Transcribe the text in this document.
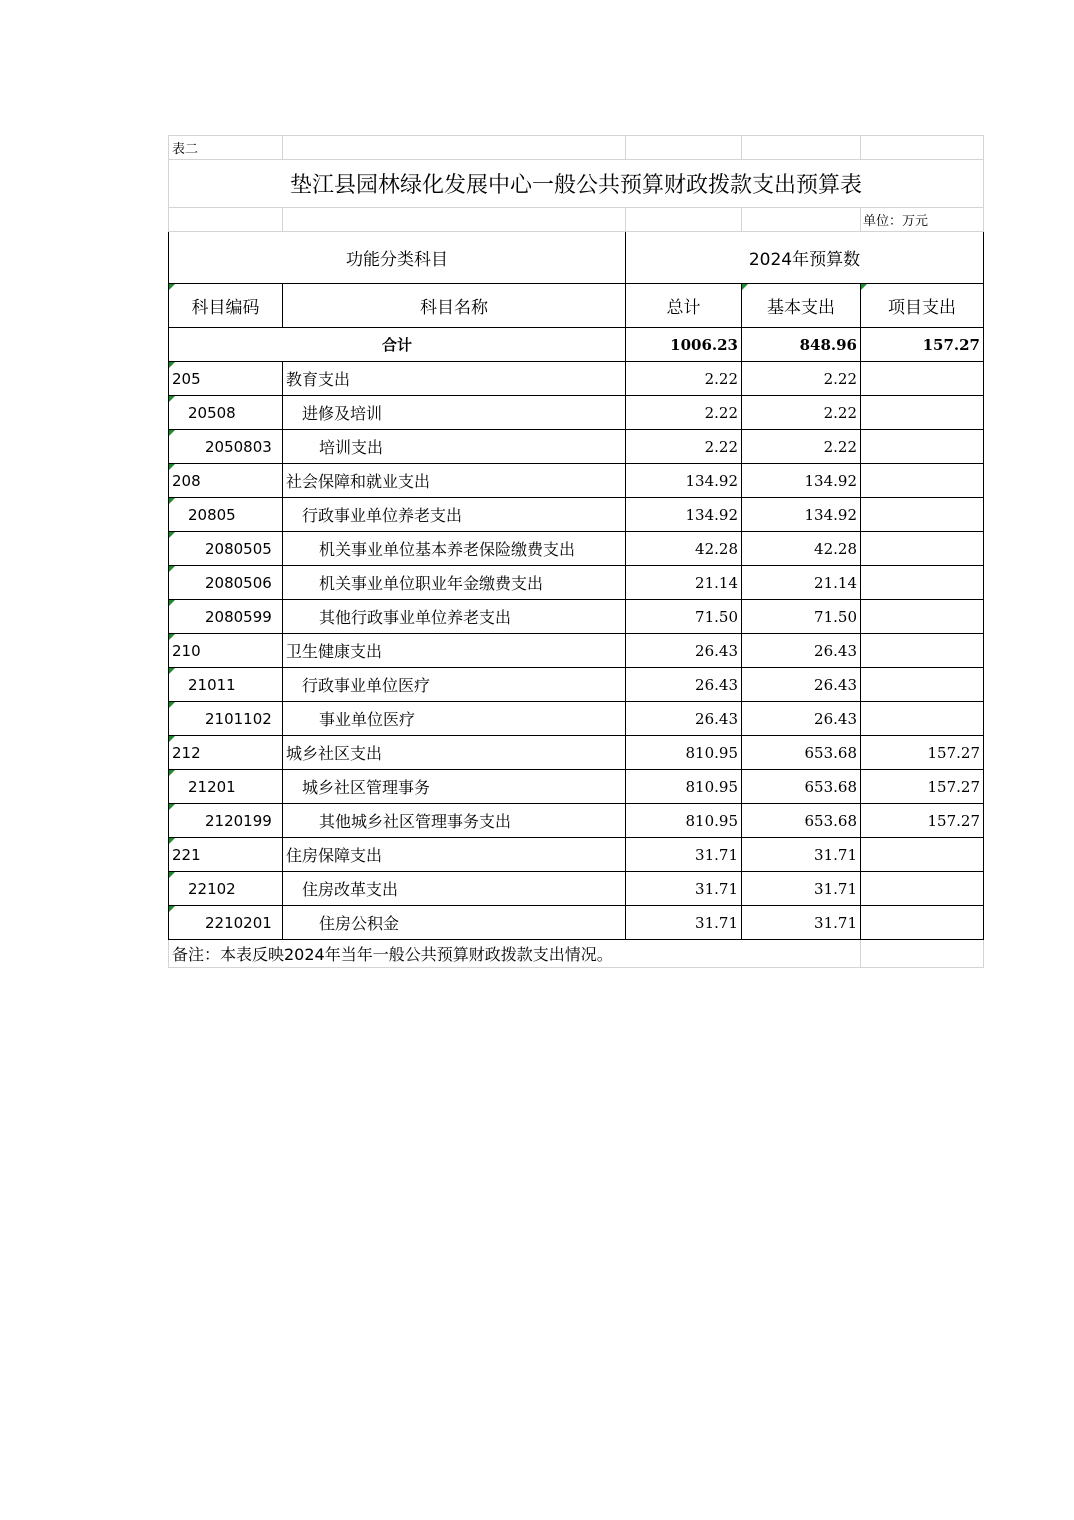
表二				
垫江县园林绿化发展中心一般公共预算财政拨款支出预算表				
				单位：万元
功能分类科目		2024年预算数		
科目编码	科目名称	总计	基本支出	项目支出
合计		1006.23	848.96	157.27
205	教育支出	2.22	2.22	
20508	进修及培训	2.22	2.22	
2050803	培训支出	2.22	2.22	
208	社会保障和就业支出	134.92	134.92	
20805	行政事业单位养老支出	134.92	134.92	
2080505	机关事业单位基本养老保险缴费支出	42.28	42.28	
2080506	机关事业单位职业年金缴费支出	21.14	21.14	
2080599	其他行政事业单位养老支出	71.50	71.50	
210	卫生健康支出	26.43	26.43	
21011	行政事业单位医疗	26.43	26.43	
2101102	事业单位医疗	26.43	26.43	
212	城乡社区支出	810.95	653.68	157.27
21201	城乡社区管理事务	810.95	653.68	157.27
2120199	其他城乡社区管理事务支出	810.95	653.68	157.27
221	住房保障支出	31.71	31.71	
22102	住房改革支出	31.71	31.71	
2210201	住房公积金	31.71	31.71	
备注：本表反映2024年当年一般公共预算财政拨款支出情况。				
